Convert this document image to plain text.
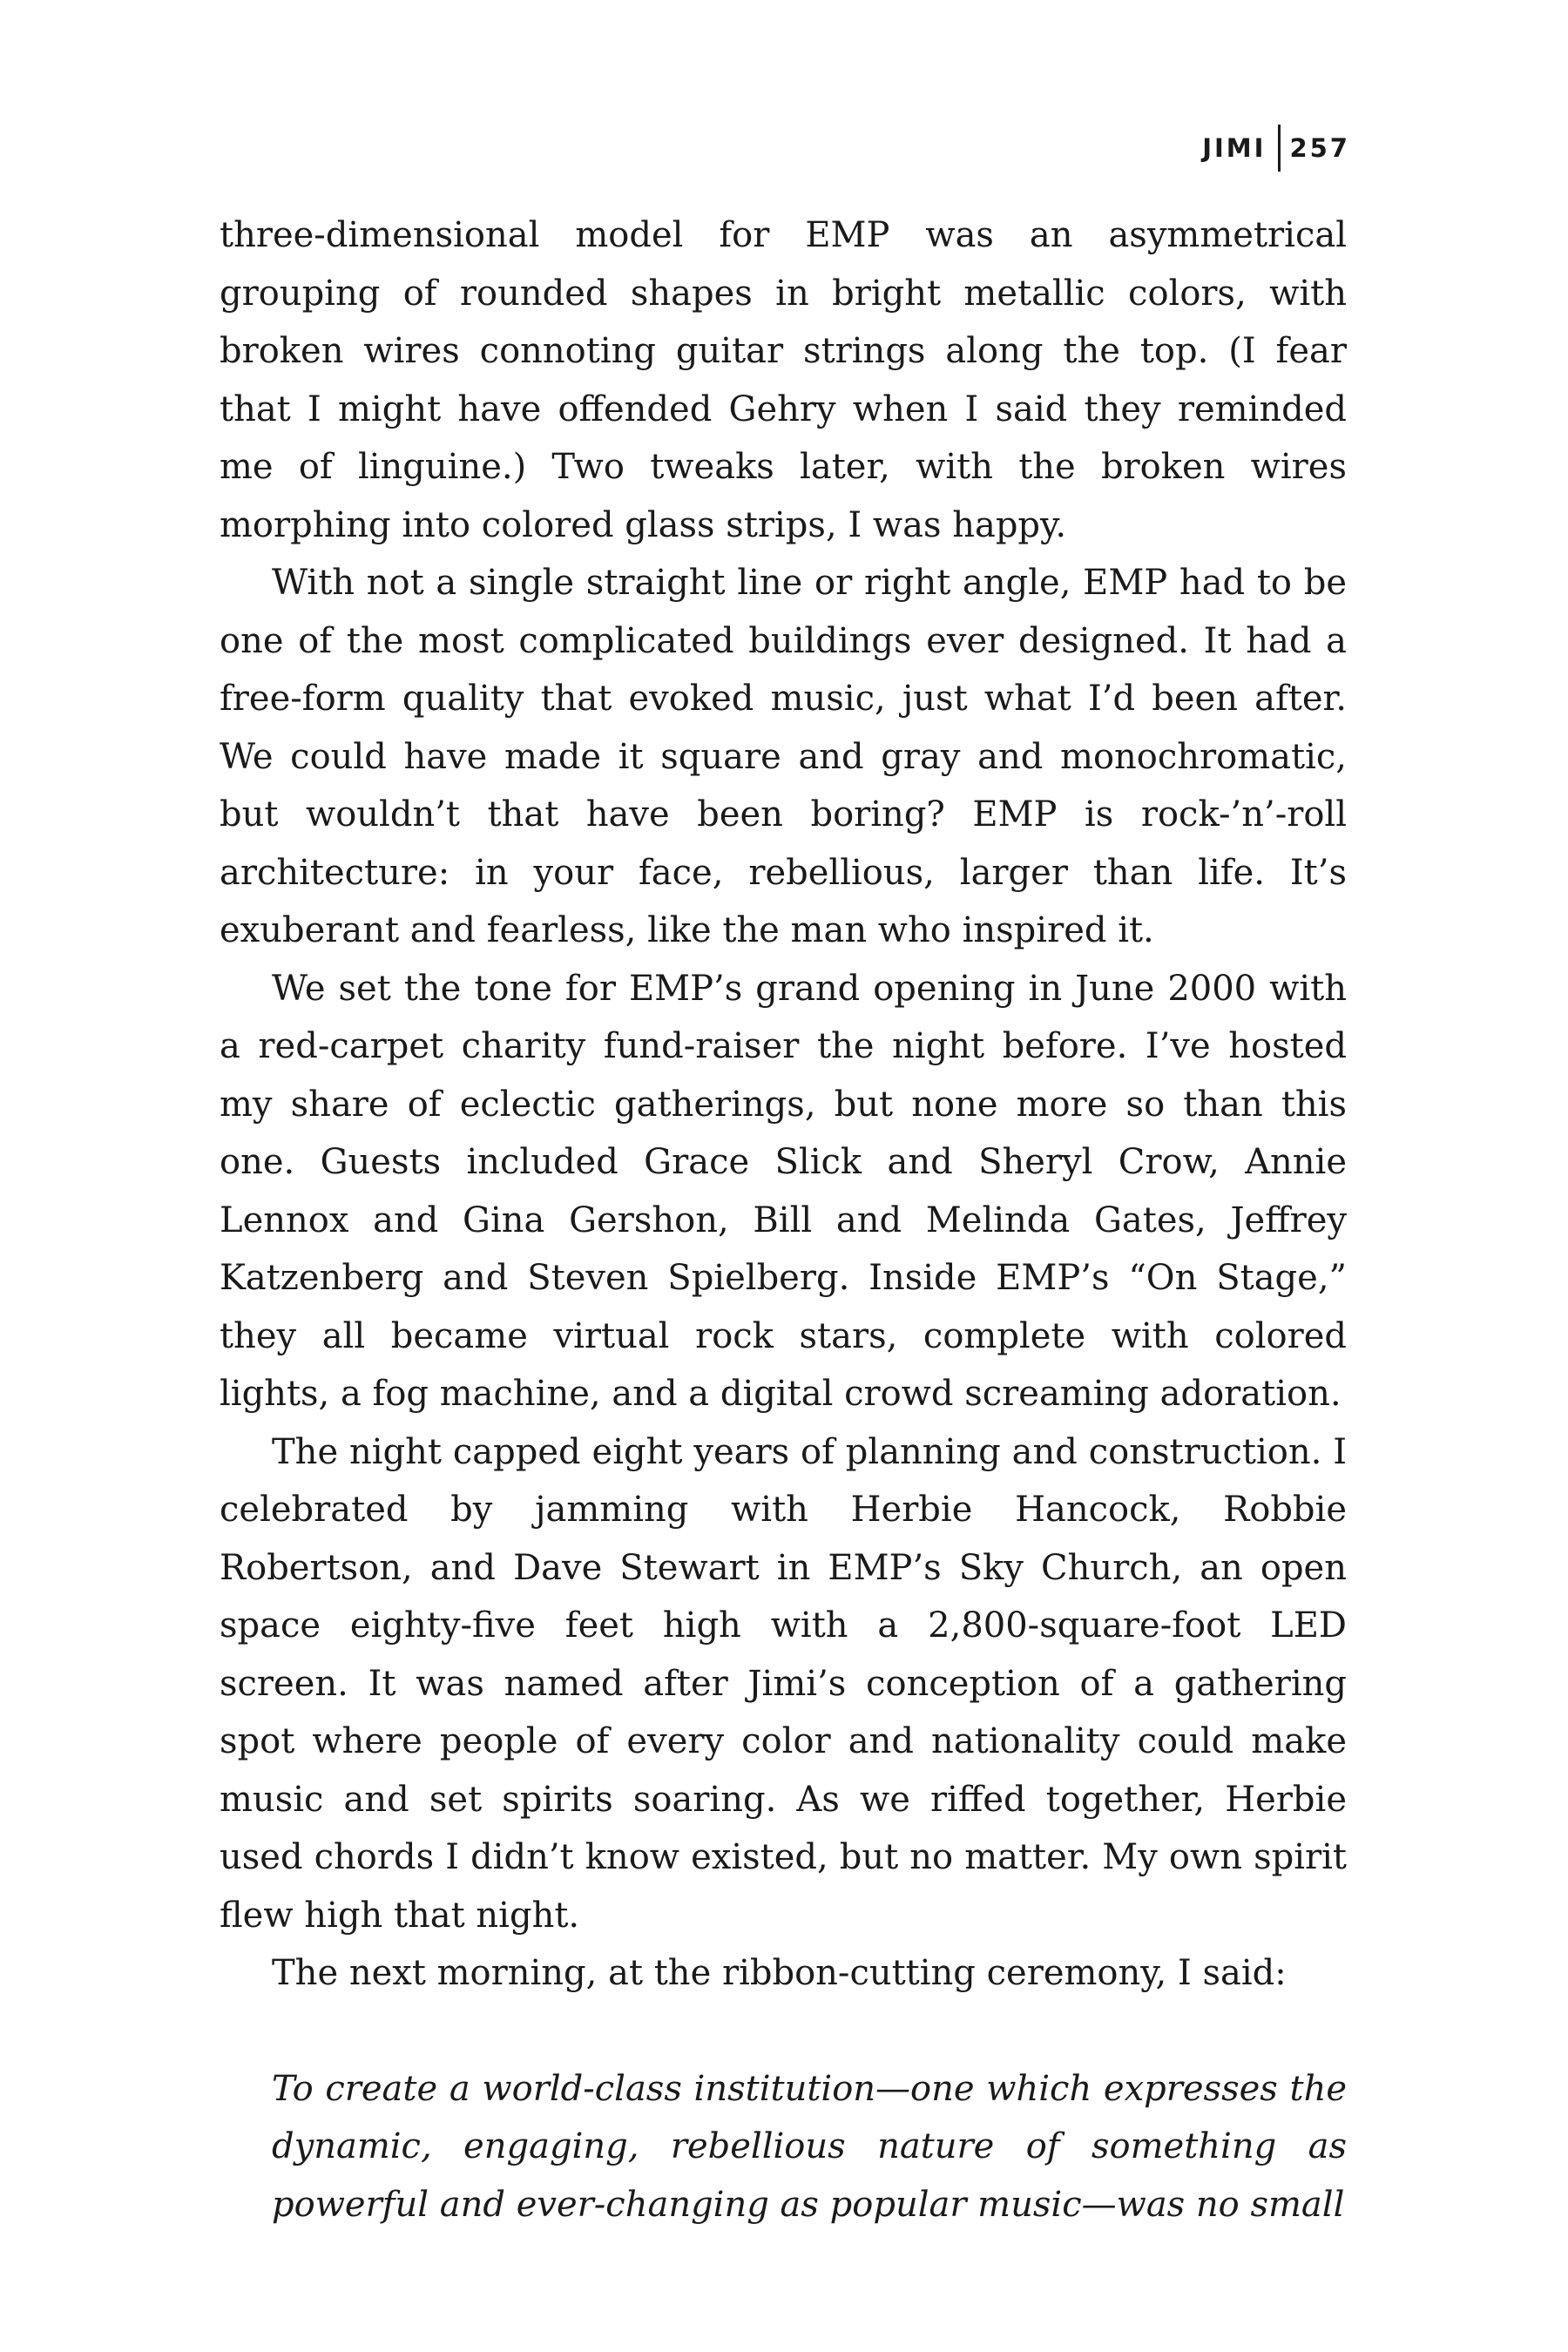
JIMI 257

three-dimensional model for EMP was an asymmetrical grouping of rounded shapes in bright metallic colors, with broken wires connoting guitar strings along the top. (I fear that I might have offended Gehry when I said they reminded me of linguine.) Two tweaks later, with the broken wires morphing into colored glass strips, I was happy.

With not a single straight line or right angle, EMP had to be one of the most complicated buildings ever designed. It had a free-form quality that evoked music, just what I’d been after. We could have made it square and gray and monochromatic, but wouldn’t that have been boring? EMP is rock-’n’-roll architecture: in your face, rebellious, larger than life. It’s exuberant and fearless, like the man who inspired it.

We set the tone for EMP’s grand opening in June 2000 with a red-carpet charity fund-raiser the night before. I’ve hosted my share of eclectic gatherings, but none more so than this one. Guests included Grace Slick and Sheryl Crow, Annie Lennox and Gina Gershon, Bill and Melinda Gates, Jeffrey Katzenberg and Steven Spielberg. Inside EMP’s “On Stage,” they all became virtual rock stars, complete with colored lights, a fog machine, and a digital crowd screaming adoration.

The night capped eight years of planning and construction. I celebrated by jamming with Herbie Hancock, Robbie Robertson, and Dave Stewart in EMP’s Sky Church, an open space eighty-five feet high with a 2,800-square-foot LED screen. It was named after Jimi’s conception of a gathering spot where people of every color and nationality could make music and set spirits soaring. As we riffed together, Herbie used chords I didn’t know existed, but no matter. My own spirit flew high that night.

The next morning, at the ribbon-cutting ceremony, I said:

To create a world-class institution—one which expresses the dynamic, engaging, rebellious nature of something as powerful and ever-changing as popular music—was no small
